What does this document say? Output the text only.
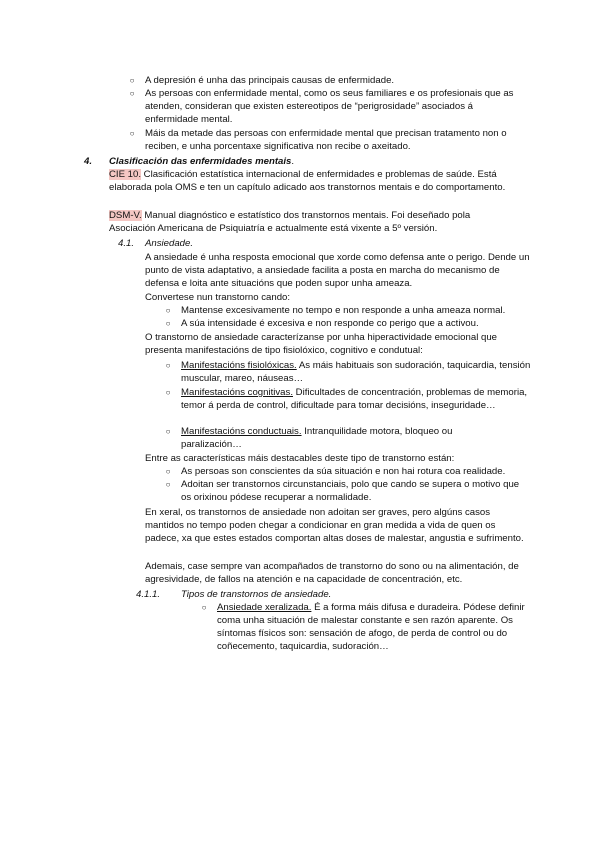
○ A depresión é unha das principais causas de enfermidade.
○ As persoas con enfermidade mental, como os seus familiares e os profesionais que as atenden, consideran que existen estereotipos de “perigrosidade” asociados á enfermidade mental.
○ Máis da metade das persoas con enfermidade mental que precisan tratamento non o reciben, e unha porcentaxe significativa non recibe o axeitado.
4. Clasificación das enfermidades mentais.
CIE 10. Clasificación estatística internacional de enfermidades e problemas de saúde. Está elaborada pola OMS e ten un capítulo adicado aos transtornos mentais e do comportamento.
DSM-V. Manual diagnóstico e estatístico dos transtornos mentais. Foi deseñado pola Asociación Americana de Psiquiatría e actualmente está vixente a 5º versión.
4.1. Ansiedade.
A ansiedade é unha resposta emocional que xorde como defensa ante o perigo. Dende un punto de vista adaptativo, a ansiedade facilita a posta en marcha do mecanismo de defensa e loita ante situacións que poden supor unha ameaza.
Convertese nun transtorno cando:
○ Mantense excesivamente no tempo e non responde a unha ameaza normal.
○ A súa intensidade é excesiva e non responde co perigo que a activou.
O transtorno de ansiedade caracterízanse por unha hiperactividade emocional que presenta manifestacións de tipo fisiolóxico, cognitivo e condutual:
○ Manifestacións fisiolóxicas. As máis habituais son sudoración, taquicardia, tensión muscular, mareo, náuseas…
○ Manifestacións cognitivas. Dificultades de concentración, problemas de memoria, temor á perda de control, dificultade para tomar decisións, inseguridade…
○ Manifestacións conductuais. Intranquilidade motora, bloqueo ou paralización…
Entre as características máis destacables deste tipo de transtorno están:
○ As persoas son conscientes da súa situación e non hai rotura coa realidade.
○ Adoitan ser transtornos circunstanciais, polo que cando se supera o motivo que os orixinou pódese recuperar a normalidade.
En xeral, os transtornos de ansiedade non adoitan ser graves, pero algúns casos mantidos no tempo poden chegar a condicionar en gran medida a vida de quen os padece, xa que estes estados comportan altas doses de malestar, angustia e sufrimento.
Ademais, case sempre van acompañados de transtorno do sono ou na alimentación, de agresividade, de fallos na atención e na capacidade de concentración, etc.
4.1.1. Tipos de transtornos de ansiedade.
○ Ansiedade xeralizada. É a forma máis difusa e duradeira. Pódese definir coma unha situación de malestar constante e sen razón aparente. Os síntomas físicos son: sensación de afogo, de perda de control ou do coñecemento, taquicardia, sudoración…
